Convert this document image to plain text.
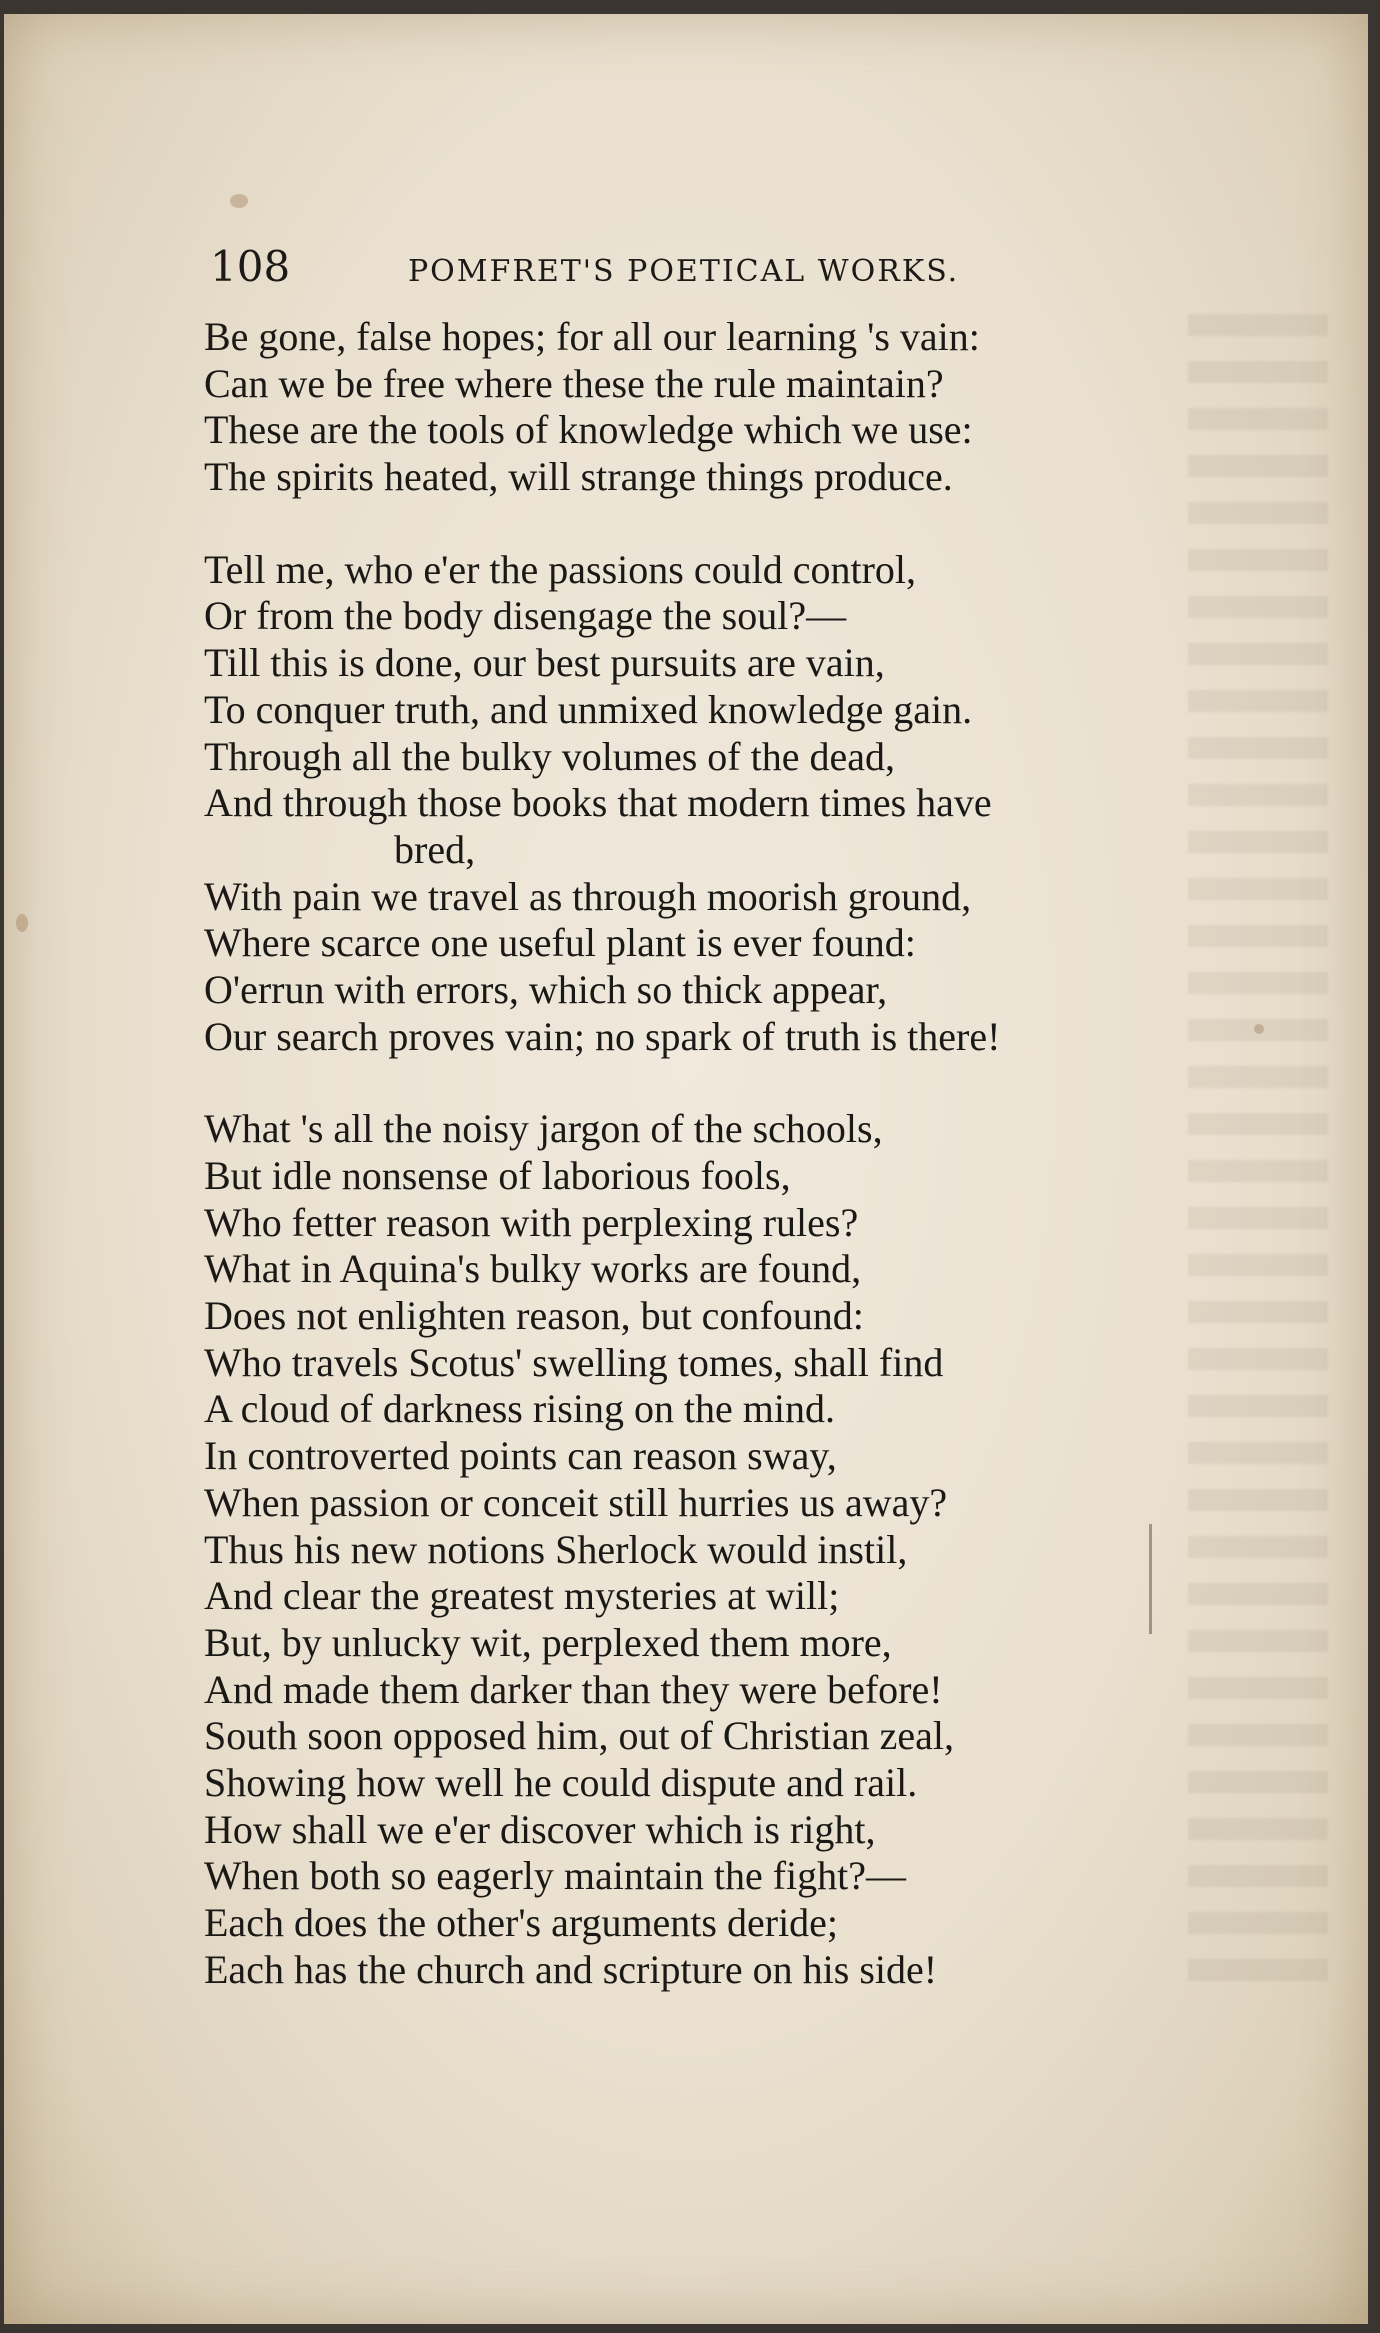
108	POMFRET'S POETICAL WORKS.
Be gone, false hopes; for all our learning 's vain:
Can we be free where these the rule maintain?
These are the tools of knowledge which we use:
The spirits heated, will strange things produce.
Tell me, who e'er the passions could control,
Or from the body disengage the soul?—
Till this is done, our best pursuits are vain,
To conquer truth, and unmixed knowledge gain.
Through all the bulky volumes of the dead,
And through those books that modern times have
bred,
With pain we travel as through moorish ground,
Where scarce one useful plant is ever found:
O'errun with errors, which so thick appear,
Our search proves vain; no spark of truth is there!
What 's all the noisy jargon of the schools,
But idle nonsense of laborious fools,
Who fetter reason with perplexing rules?
What in Aquina's bulky works are found,
Does not enlighten reason, but confound:
Who travels Scotus' swelling tomes, shall find
A cloud of darkness rising on the mind.
In controverted points can reason sway,
When passion or conceit still hurries us away?
Thus his new notions Sherlock would instil,
And clear the greatest mysteries at will;
But, by unlucky wit, perplexed them more,
And made them darker than they were before!
South soon opposed him, out of Christian zeal,
Showing how well he could dispute and rail.
How shall we e'er discover which is right,
When both so eagerly maintain the fight?—
Each does the other's arguments deride;
Each has the church and scripture on his side!
